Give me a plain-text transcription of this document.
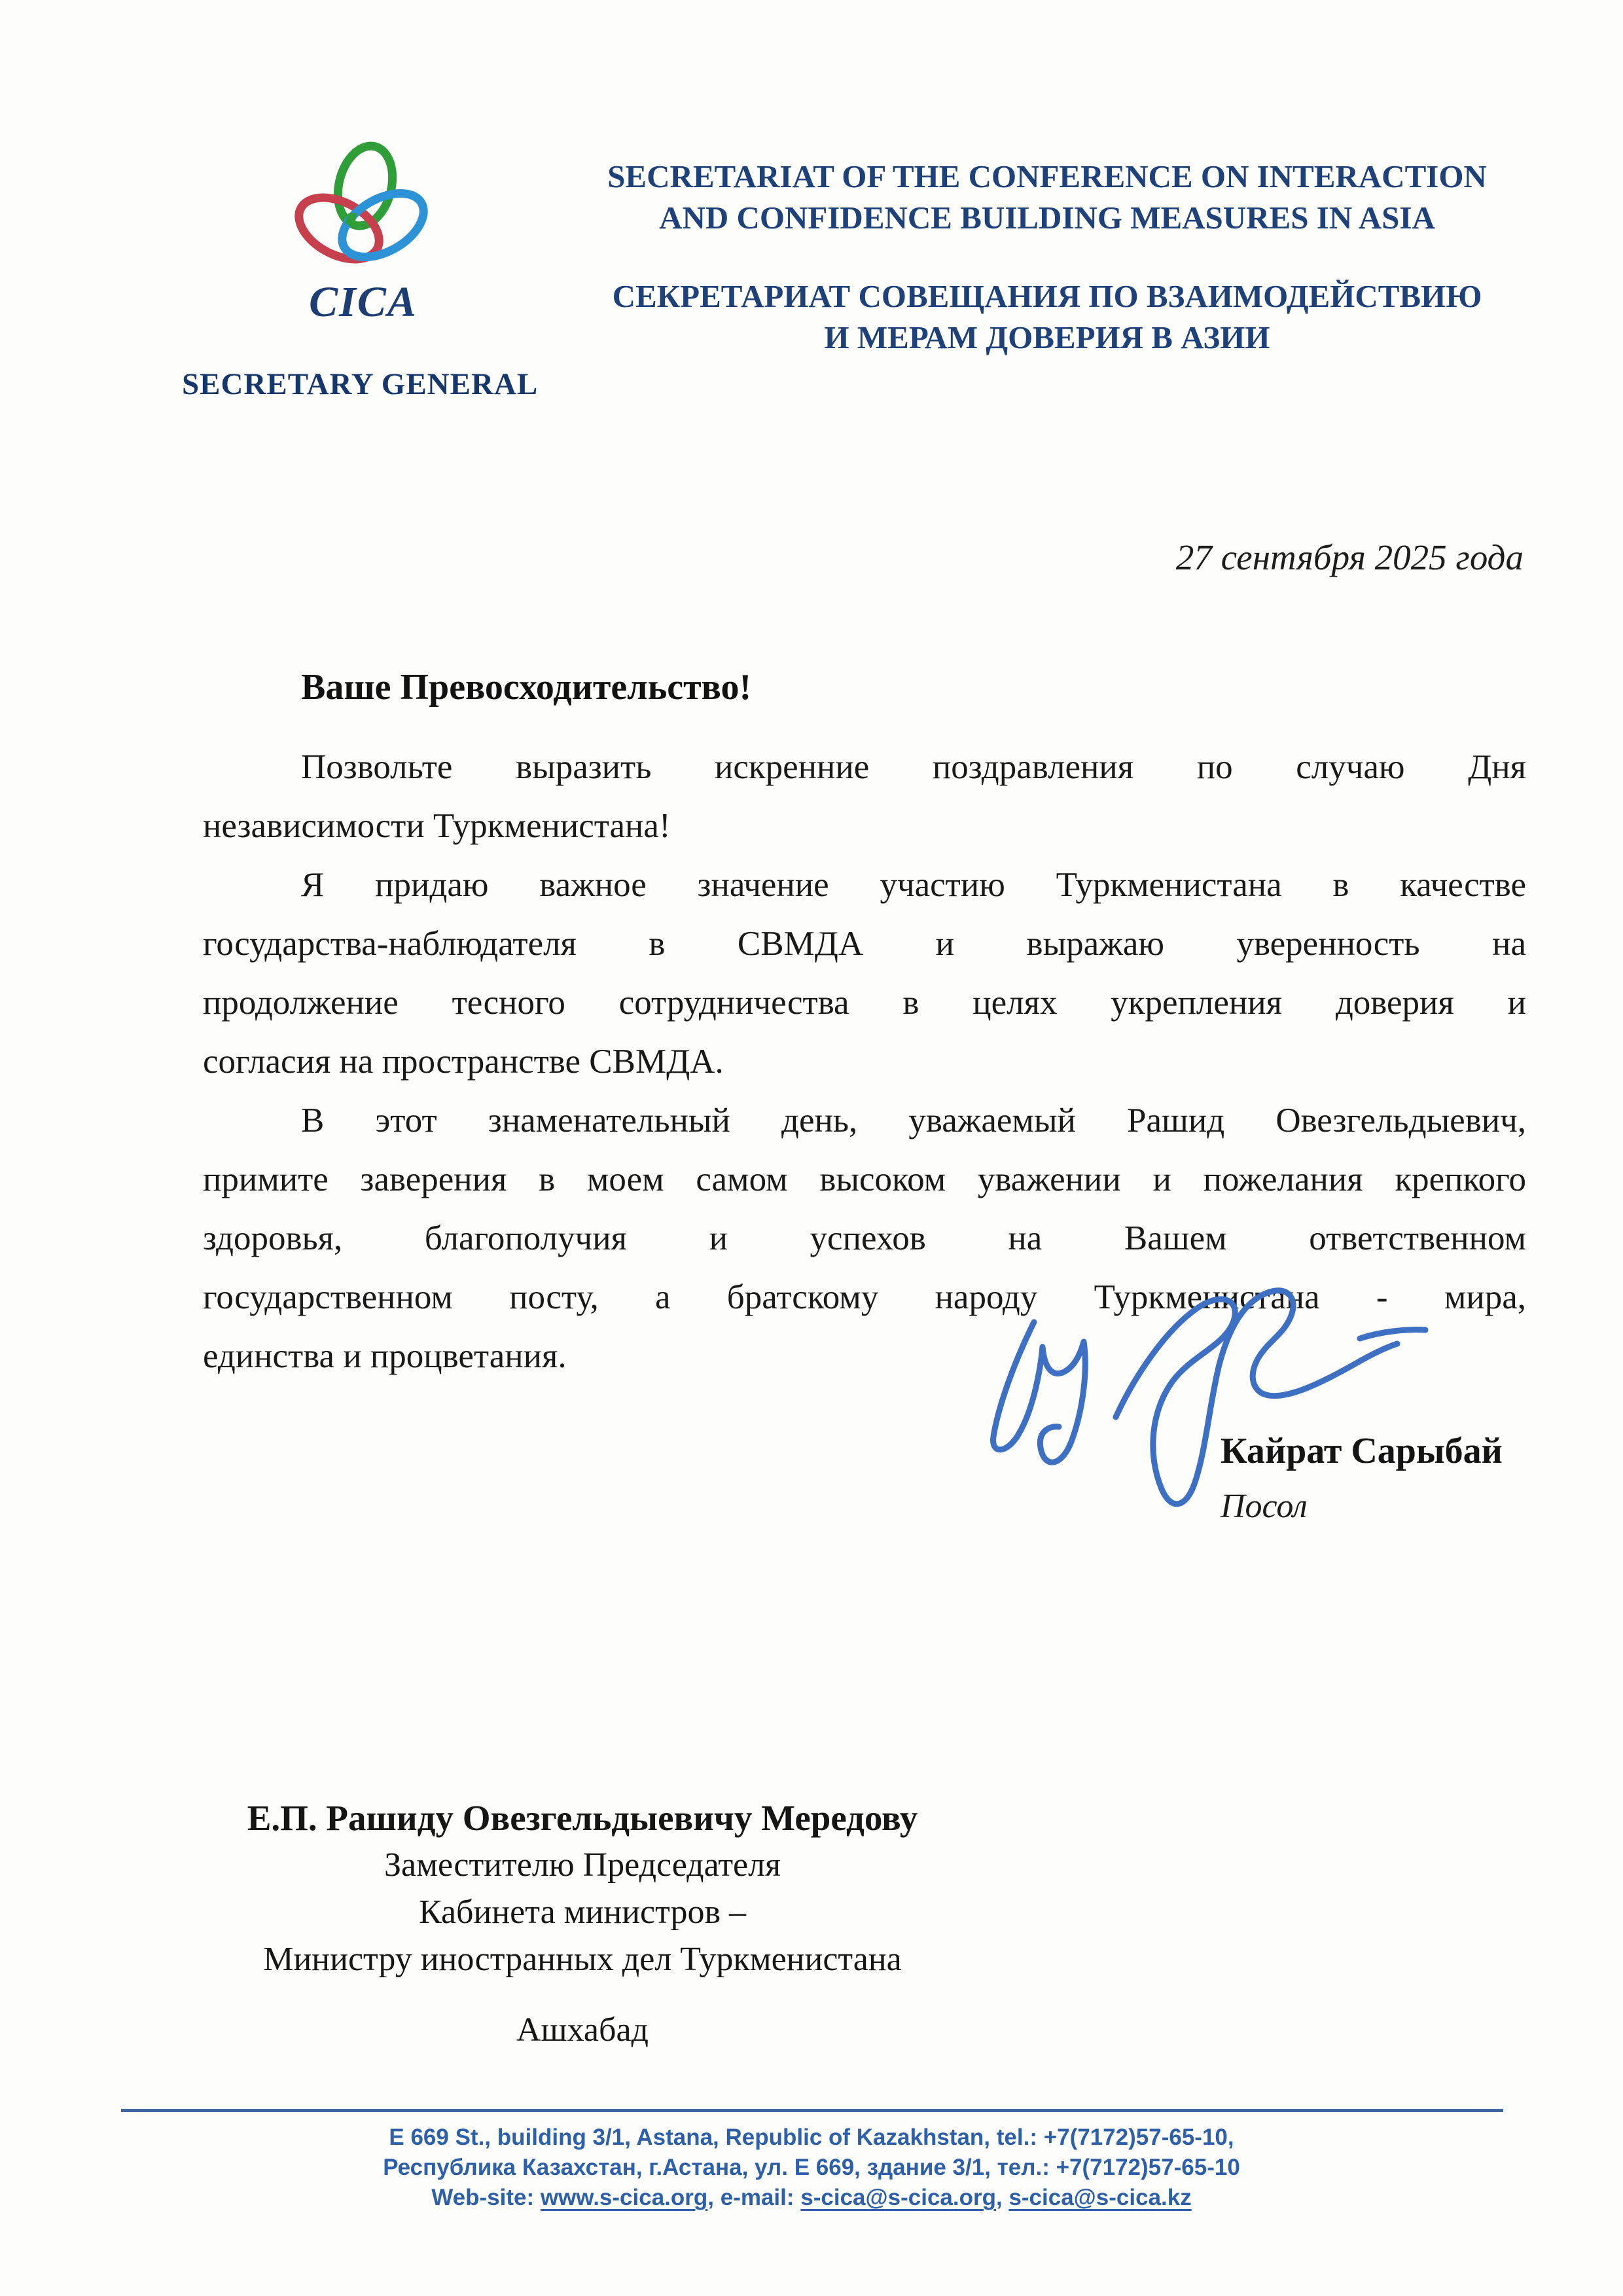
CICA
SECRETARIAT OF THE CONFERENCE ON INTERACTION
AND CONFIDENCE BUILDING MEASURES IN ASIA
СЕКРЕТАРИАТ СОВЕЩАНИЯ ПО ВЗАИМОДЕЙСТВИЮ
И МЕРАМ ДОВЕРИЯ В АЗИИ
SECRETARY GENERAL
27 сентября 2025 года
Ваше Превосходительство!
Позвольте выразить искренние поздравления по случаю Дня
независимости Туркменистана!
Я придаю важное значение участию Туркменистана в качестве
государства-наблюдателя в СВМДА и выражаю уверенность на
продолжение тесного сотрудничества в целях укрепления доверия и
согласия на пространстве СВМДА.
В этот знаменательный день, уважаемый Рашид Овезгельдыевич,
примите заверения в моем самом высоком уважении и пожелания крепкого
здоровья, благополучия и успехов на Вашем ответственном
государственном посту, а братскому народу Туркменистана - мира,
единства и процветания.
Кайрат Сарыбай
Посол
Е.П. Рашиду Овезгельдыевичу Мередову
Заместителю Председателя
Кабинета министров –
Министру иностранных дел Туркменистана
Ашхабад
E 669 St., building 3/1, Astana, Republic of Kazakhstan, tel.: +7(7172)57-65-10,
Республика Казахстан, г.Астана, ул. Е 669, здание 3/1, тел.: +7(7172)57-65-10
Web-site: www.s-cica.org, e-mail: s-cica@s-cica.org, s-cica@s-cica.kz
